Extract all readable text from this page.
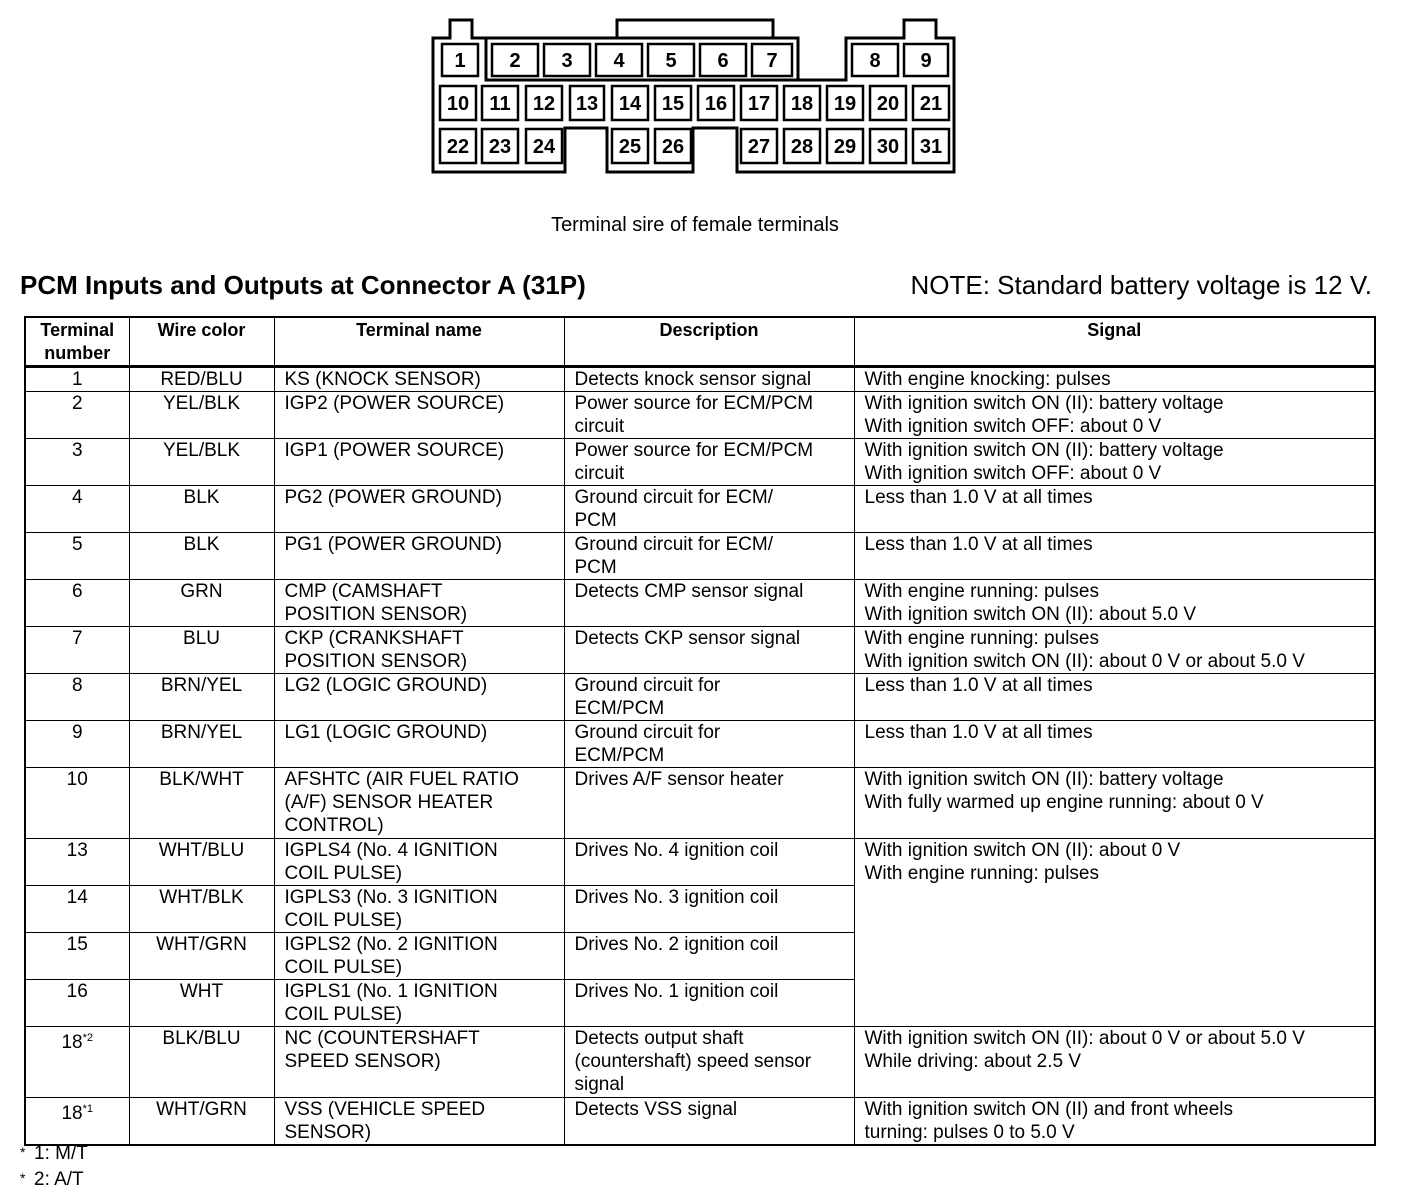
1 2 3 4 5 6 7	8 9
10 11 12 13 14 15 16 17 18 19 20 21
22 23 24	25 26	27 28 29 30 31
Terminal sire of female terminals
PCM Inputs and Outputs at Connector A (31P)	NOTE: Standard battery voltage is 12 V.
Terminal
number	Wire color	Terminal name	Description	Signal
1	RED/BLU	KS (KNOCK SENSOR)	Detects knock sensor signal	With engine knocking: pulses

2	YEL/BLK	IGP2 (POWER SOURCE)	Power source for ECM/PCM
circuit	With ignition switch ON (II): battery voltage
With ignition switch OFF: about 0 V

3	YEL/BLK	IGP1 (POWER SOURCE)	Power source for ECM/PCM
circuit	With ignition switch ON (II): battery voltage
With ignition switch OFF: about 0 V

4	BLK	PG2 (POWER GROUND)	Ground circuit for ECM/
PCM	Less than 1.0 V at all times

5	BLK	PG1 (POWER GROUND)	Ground circuit for ECM/
PCM	Less than 1.0 V at all times

6	GRN	CMP (CAMSHAFT
POSITION SENSOR)	Detects CMP sensor signal	With engine running: pulses
With ignition switch ON (II): about 5.0 V

7	BLU	CKP (CRANKSHAFT
POSITION SENSOR)	Detects CKP sensor signal	With engine running: pulses
With ignition switch ON (II): about 0 V or about 5.0 V

8	BRN/YEL	LG2 (LOGIC GROUND)	Ground circuit for
ECM/PCM	Less than 1.0 V at all times

9	BRN/YEL	LG1 (LOGIC GROUND)	Ground circuit for
ECM/PCM	Less than 1.0 V at all times

10	BLK/WHT	AFSHTC (AIR FUEL RATIO
(A/F) SENSOR HEATER
CONTROL)	Drives A/F sensor heater	With ignition switch ON (II): battery voltage
With fully warmed up engine running: about 0 V

13	WHT/BLU	IGPLS4 (No. 4 IGNITION
COIL PULSE)	Drives No. 4 ignition coil	With ignition switch ON (II): about 0 V
With engine running: pulses

14	WHT/BLK	IGPLS3 (No. 3 IGNITION
COIL PULSE)	Drives No. 3 ignition coil	

15	WHT/GRN	IGPLS2 (No. 2 IGNITION
COIL PULSE)	Drives No. 2 ignition coil	

16	WHT	IGPLS1 (No. 1 IGNITION
COIL PULSE)	Drives No. 1 ignition coil	

18$^{*2}$	BLK/BLU	NC (COUNTERSHAFT
SPEED SENSOR)	Detects output shaft
(countershaft) speed sensor
signal	With ignition switch ON (II): about 0 V or about 5.0 V
While driving: about 2.5 V

18$^{*1}$	WHT/GRN	VSS (VEHICLE SPEED
SENSOR)	Detects VSS signal	With ignition switch ON (II) and front wheels
turning: pulses 0 to 5.0 V
* 1: M/T
* 2: A/T
